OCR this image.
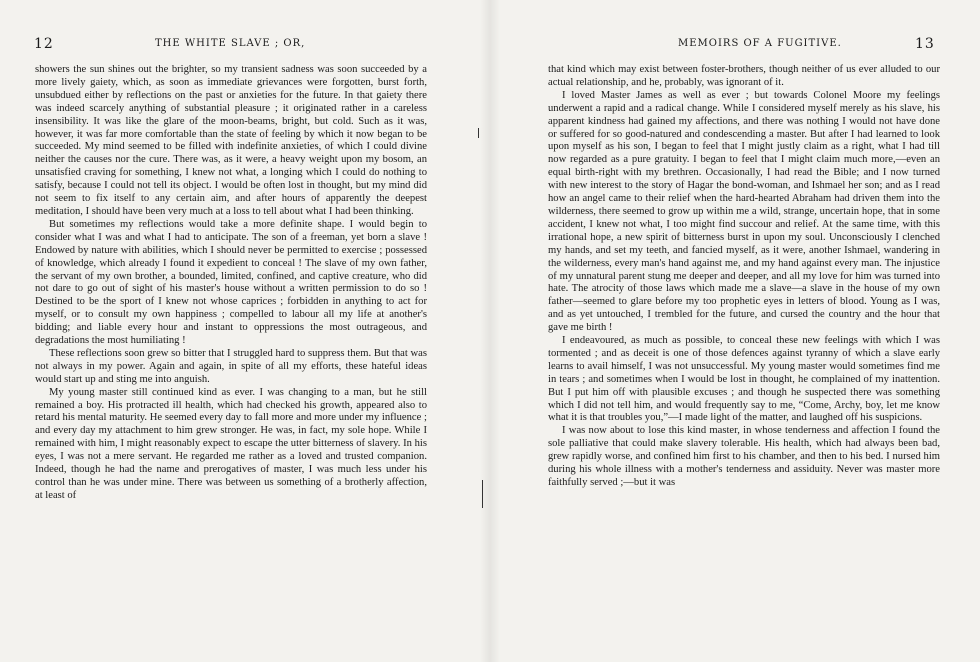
12	THE WHITE SLAVE ; OR,

showers the sun shines out the brighter, so my transient sadness was soon succeeded by a more lively gaiety, which, as soon as immediate grievances were forgotten, burst forth, unsubdued either by reflections on the past or anxieties for the future. In that gaiety there was indeed scarcely anything of substantial pleasure ; it originated rather in a careless insensibility. It was like the glare of the moon-beams, bright, but cold. Such as it was, however, it was far more comfortable than the state of feeling by which it now began to be succeeded. My mind seemed to be filled with indefinite anxieties, of which I could divine neither the causes nor the cure. There was, as it were, a heavy weight upon my bosom, an unsatisfied craving for something, I knew not what, a longing which I could do nothing to satisfy, because I could not tell its object. I would be often lost in thought, but my mind did not seem to fix itself to any certain aim, and after hours of apparently the deepest meditation, I should have been very much at a loss to tell about what I had been thinking.

But sometimes my reflections would take a more definite shape. I would begin to consider what I was and what I had to anticipate. The son of a freeman, yet born a slave ! Endowed by nature with abilities, which I should never be permitted to exercise ; possessed of knowledge, which already I found it expedient to conceal ! The slave of my own father, the servant of my own brother, a bounded, limited, confined, and captive creature, who did not dare to go out of sight of his master's house without a written permission to do so ! Destined to be the sport of I knew not whose caprices ; forbidden in anything to act for myself, or to consult my own happiness ; compelled to labour all my life at another's bidding; and liable every hour and instant to oppressions the most outrageous, and degradations the most humiliating !

These reflections soon grew so bitter that I struggled hard to suppress them. But that was not always in my power. Again and again, in spite of all my efforts, these hateful ideas would start up and sting me into anguish.

My young master still continued kind as ever. I was changing to a man, but he still remained a boy. His protracted ill health, which had checked his growth, appeared also to retard his mental maturity. He seemed every day to fall more and more under my influence ; and every day my attachment to him grew stronger. He was, in fact, my sole hope. While I remained with him, I might reasonably expect to escape the utter bitterness of slavery. In his eyes, I was not a mere servant. He regarded me rather as a loved and trusted companion. Indeed, though he had the name and prerogatives of master, I was much less under his control than he was under mine. There was between us something of a brotherly affection, at least of

MEMOIRS OF A FUGITIVE.	13

that kind which may exist between foster-brothers, though neither of us ever alluded to our actual relationship, and he, probably, was ignorant of it.

I loved Master James as well as ever ; but towards Colonel Moore my feelings underwent a rapid and a radical change. While I considered myself merely as his slave, his apparent kindness had gained my affections, and there was nothing I would not have done or suffered for so good-natured and condescending a master. But after I had learned to look upon myself as his son, I began to feel that I might justly claim as a right, what I had till now regarded as a pure gratuity. I began to feel that I might claim much more,—even an equal birth-right with my brethren. Occasionally, I had read the Bible; and I now turned with new interest to the story of Hagar the bond-woman, and Ishmael her son; and as I read how an angel came to their relief when the hard-hearted Abraham had driven them into the wilderness, there seemed to grow up within me a wild, strange, uncertain hope, that in some accident, I knew not what, I too might find succour and relief. At the same time, with this irrational hope, a new spirit of bitterness burst in upon my soul. Unconsciously I clenched my hands, and set my teeth, and fancied myself, as it were, another Ishmael, wandering in the wilderness, every man's hand against me, and my hand against every man. The injustice of my unnatural parent stung me deeper and deeper, and all my love for him was turned into hate. The atrocity of those laws which made me a slave—a slave in the house of my own father—seemed to glare before my too prophetic eyes in letters of blood. Young as I was, and as yet untouched, I trembled for the future, and cursed the country and the hour that gave me birth !

I endeavoured, as much as possible, to conceal these new feelings with which I was tormented ; and as deceit is one of those defences against tyranny of which a slave early learns to avail himself, I was not unsuccessful. My young master would sometimes find me in tears ; and sometimes when I would be lost in thought, he complained of my inattention. But I put him off with plausible excuses ; and though he suspected there was something which I did not tell him, and would frequently say to me, “Come, Archy, boy, let me know what it is that troubles you,”—I made light of the matter, and laughed off his suspicions.

I was now about to lose this kind master, in whose tenderness and affection I found the sole palliative that could make slavery tolerable. His health, which had always been bad, grew rapidly worse, and confined him first to his chamber, and then to his bed. I nursed him during his whole illness with a mother's tenderness and assiduity. Never was master more faithfully served ;—but it was
